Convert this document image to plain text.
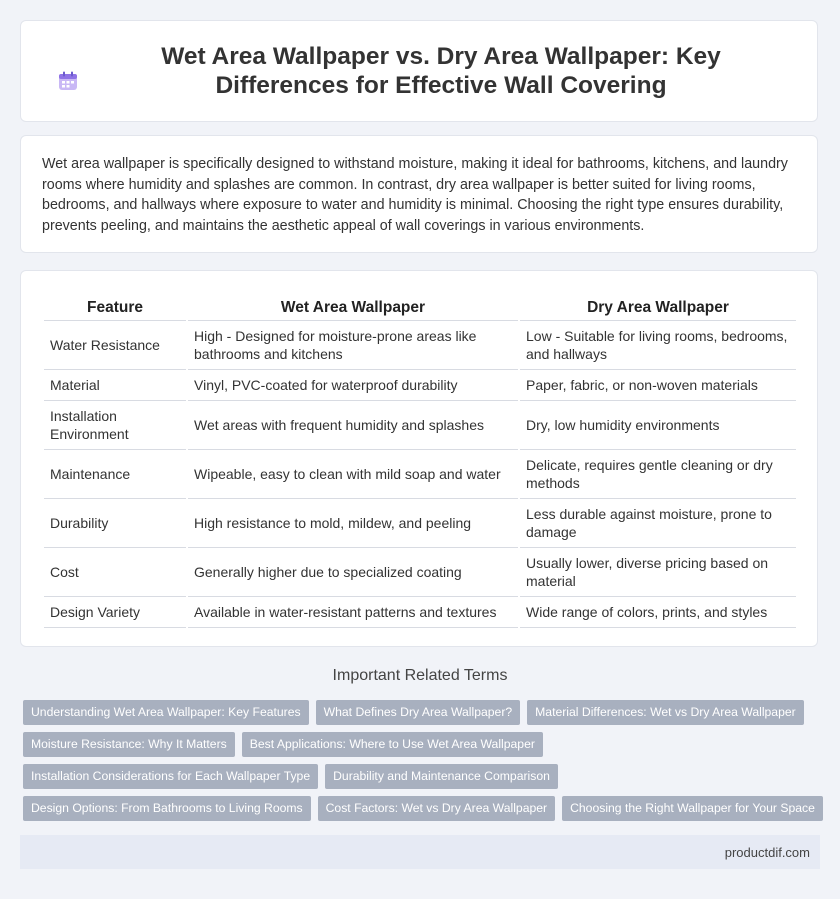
Wet Area Wallpaper vs. Dry Area Wallpaper: Key Differences for Effective Wall Covering

Wet area wallpaper is specifically designed to withstand moisture, making it ideal for bathrooms, kitchens, and laundry rooms where humidity and splashes are common. In contrast, dry area wallpaper is better suited for living rooms, bedrooms, and hallways where exposure to water and humidity is minimal. Choosing the right type ensures durability, prevents peeling, and maintains the aesthetic appeal of wall coverings in various environments.

Feature	Wet Area Wallpaper	Dry Area Wallpaper
Water Resistance	High - Designed for moisture-prone areas like bathrooms and kitchens	Low - Suitable for living rooms, bedrooms, and hallways
Material	Vinyl, PVC-coated for waterproof durability	Paper, fabric, or non-woven materials
Installation Environment	Wet areas with frequent humidity and splashes	Dry, low humidity environments
Maintenance	Wipeable, easy to clean with mild soap and water	Delicate, requires gentle cleaning or dry methods
Durability	High resistance to mold, mildew, and peeling	Less durable against moisture, prone to damage
Cost	Generally higher due to specialized coating	Usually lower, diverse pricing based on material
Design Variety	Available in water-resistant patterns and textures	Wide range of colors, prints, and styles
Important Related Terms
Understanding Wet Area Wallpaper: Key Features	What Defines Dry Area Wallpaper?	Material Differences: Wet vs Dry Area Wallpaper
Moisture Resistance: Why It Matters	Best Applications: Where to Use Wet Area Wallpaper
Installation Considerations for Each Wallpaper Type	Durability and Maintenance Comparison
Design Options: From Bathrooms to Living Rooms	Cost Factors: Wet vs Dry Area Wallpaper	Choosing the Right Wallpaper for Your Space
productdif.com
